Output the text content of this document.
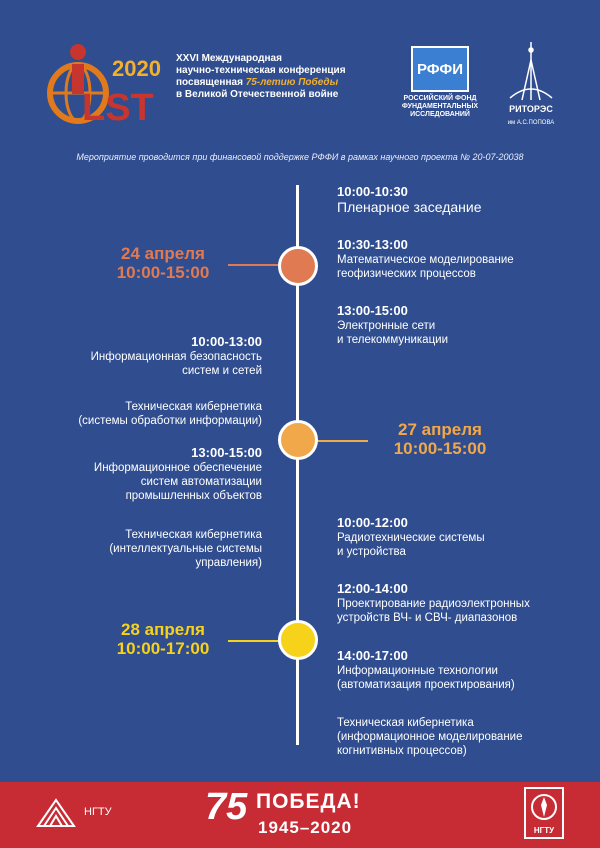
2020
LST
XXVI Международная
научно-техническая конференция
посвященная 75-летию Победы
в Великой Отечественной войне
РФФИ
РОССИЙСКИЙ ФОНД
ФУНДАМЕНТАЛЬНЫХ
ИССЛЕДОВАНИЙ
РИТОРЭС
им А.С.ПОПОВА
Мероприятие проводится при финансовой поддержке РФФИ в рамках научного проекта № 20-07-20038
24 апреля
10:00-15:00
10:00-10:30
Пленарное заседание
10:30-13:00
Математическое моделирование
геофизических процессов
13:00-15:00
Электронные сети
и телекоммуникации
27 апреля
10:00-15:00
10:00-13:00
Информационная безопасность
систем и сетей
Техническая кибернетика
(системы обработки информации)
13:00-15:00
Информационное обеспечение
систем автоматизации
промышленных объектов
Техническая кибернетика
(интеллектуальные системы
управления)
28 апреля
10:00-17:00
10:00-12:00
Радиотехнические системы
и устройства
12:00-14:00
Проектирование радиоэлектронных
устройств ВЧ- и СВЧ- диапазонов
14:00-17:00
Информационные технологии
(автоматизация проектирования)
Техническая кибернетика
(информационное моделирование
когнитивных процессов)
НГТУ 75 ПОБЕДА!
1945–2020	НГТУ
